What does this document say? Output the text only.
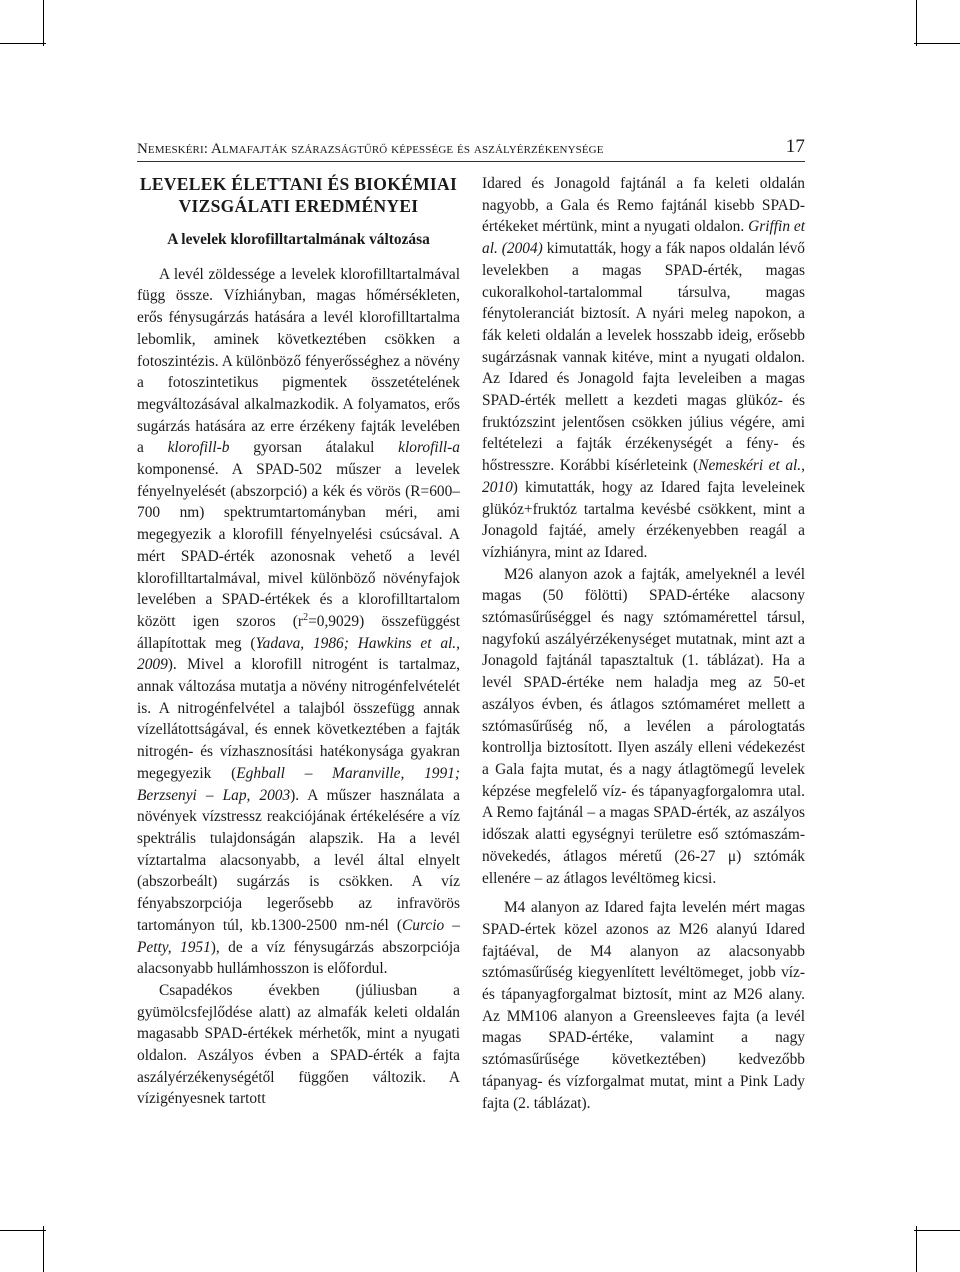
Nemeskéri: Almafajták szárazságtűrő képessége és aszályérzékenysége	17
LEVELEK ÉLETTANI ÉS BIOKÉMIAI
VIZSGÁLATI EREDMÉNYEI
A levelek klorofilltartalmának változása

A levél zöldessége a levelek klorofilltartalmával függ össze. Vízhiányban, magas hőmérsékleten, erős fénysugárzás hatására a levél klorofilltartalma lebomlik, aminek következtében csökken a fotoszintézis. A különböző fényerősséghez a növény a fotoszintetikus pigmentek összetételének megváltozásával alkalmazkodik. A folyamatos, erős sugárzás hatására az erre érzékeny fajták levelében a klorofill-b gyorsan átalakul klorofill-a komponensé. A SPAD-502 műszer a levelek fényelnyelését (abszorpció) a kék és vörös (R=600–700 nm) spektrumtartományban méri, ami megegyezik a klorofill fényelnyelési csúcsával. A mért SPAD-érték azonosnak vehető a levél klorofilltartalmával, mivel különböző növényfajok levelében a SPAD-értékek és a klorofilltartalom között igen szoros $(r^2=0,9029)$ összefüggést állapítottak meg (Yadava, 1986; Hawkins et al., 2009). Mivel a klorofill nitrogént is tartalmaz, annak változása mutatja a növény nitrogénfelvételét is. A nitrogénfelvétel a talajból összefügg annak vízellátottságával, és ennek következtében a fajták nitrogén- és vízhasznosítási hatékonysága gyakran megegyezik (Eghball – Maranville, 1991; Berzsenyi – Lap, 2003). A műszer használata a növények vízstressz reakciójának értékelésére a víz spektrális tulajdonságán alapszik. Ha a levél víztartalma alacsonyabb, a levél által elnyelt (abszorbeált) sugárzás is csökken. A víz fényabszorpciója legerősebb az infravörös tartományon túl, kb.1300-2500 nm-nél (Curcio – Petty, 1951), de a víz fénysugárzás abszorpciója alacsonyabb hullámhosszon is előfordul.

Csapadékos években (júliusban a gyümölcsfejlődése alatt) az almafák keleti oldalán magasabb SPAD-értékek mérhetők, mint a nyugati oldalon. Aszályos évben a SPAD-érték a fajta aszályérzékenységétől függően változik. A vízigényesnek tartott

Idared és Jonagold fajtánál a fa keleti oldalán nagyobb, a Gala és Remo fajtánál kisebb SPAD-értékeket mértünk, mint a nyugati oldalon. Griffin et al. (2004) kimutatták, hogy a fák napos oldalán lévő levelekben a magas SPAD-érték, magas cukoralkohol-tartalommal társulva, magas fénytoleranciát biztosít. A nyári meleg napokon, a fák keleti oldalán a levelek hosszabb ideig, erősebb sugárzásnak vannak kitéve, mint a nyugati oldalon. Az Idared és Jonagold fajta leveleiben a magas SPAD-érték mellett a kezdeti magas glükóz- és fruktózszint jelentősen csökken július végére, ami feltételezi a fajták érzékenységét a fény- és hőstresszre. Korábbi kísérleteink (Nemeskéri et al., 2010) kimutatták, hogy az Idared fajta leveleinek glükóz+fruktóz tartalma kevésbé csökkent, mint a Jonagold fajtáé, amely érzékenyebben reagál a vízhiányra, mint az Idared.

M26 alanyon azok a fajták, amelyeknél a levél magas (50 fölötti) SPAD-értéke alacsony sztómasűrűséggel és nagy sztómamérettel társul, nagyfokú aszályérzékenységet mutatnak, mint azt a Jonagold fajtánál tapasztaltuk (1. táblázat). Ha a levél SPAD-értéke nem haladja meg az 50-et aszályos évben, és átlagos sztómaméret mellett a sztómasűrűség nő, a levélen a párologtatás kontrollja biztosított. Ilyen aszály elleni védekezést a Gala fajta mutat, és a nagy átlagtömegű levelek képzése megfelelő víz- és tápanyagforgalomra utal. A Remo fajtánál – a magas SPAD-érték, az aszályos időszak alatti egységnyi területre eső sztómaszám-növekedés, átlagos méretű (26-27 μ) sztómák ellenére – az átlagos levéltömeg kicsi.

M4 alanyon az Idared fajta levelén mért magas SPAD-értek közel azonos az M26 alanyú Idared fajtáéval, de M4 alanyon az alacsonyabb sztómasűrűség kiegyenlített levéltömeget, jobb víz- és tápanyagforgalmat biztosít, mint az M26 alany. Az MM106 alanyon a Greensleeves fajta (a levél magas SPAD-értéke, valamint a nagy sztómasűrűsége következtében) kedvezőbb tápanyag- és vízforgalmat mutat, mint a Pink Lady fajta (2. táblázat).
